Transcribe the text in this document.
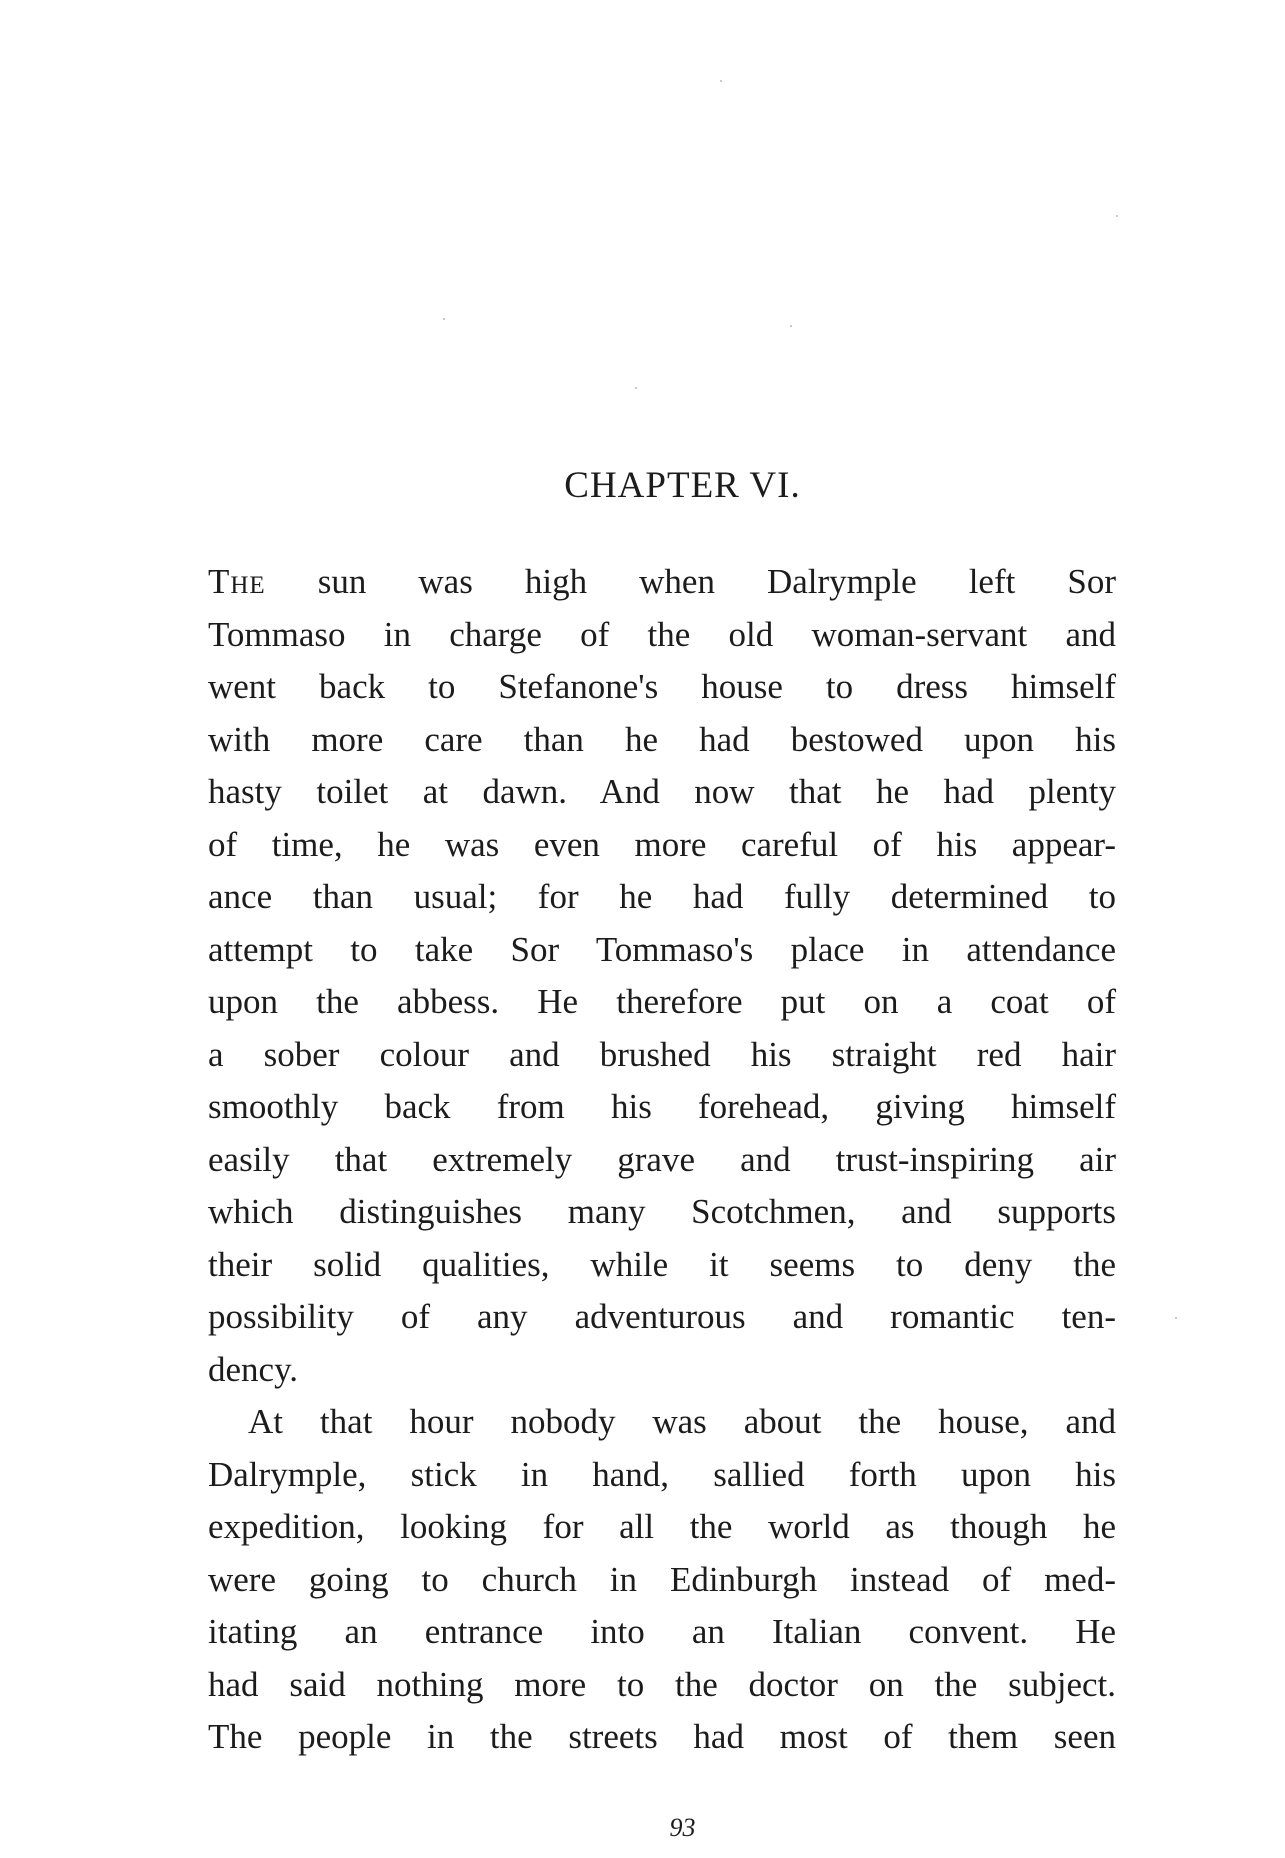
CHAPTER VI.
The sun was high when Dalrymple left Sor
Tommaso in charge of the old woman-servant and
went back to Stefanone's house to dress himself
with more care than he had bestowed upon his
hasty toilet at dawn. And now that he had plenty
of time, he was even more careful of his appear-
ance than usual; for he had fully determined to
attempt to take Sor Tommaso's place in attendance
upon the abbess. He therefore put on a coat of
a sober colour and brushed his straight red hair
smoothly back from his forehead, giving himself
easily that extremely grave and trust-inspiring air
which distinguishes many Scotchmen, and supports
their solid qualities, while it seems to deny the
possibility of any adventurous and romantic ten-
dency.
At that hour nobody was about the house, and
Dalrymple, stick in hand, sallied forth upon his
expedition, looking for all the world as though he
were going to church in Edinburgh instead of med-
itating an entrance into an Italian convent. He
had said nothing more to the doctor on the subject.
The people in the streets had most of them seen
93
